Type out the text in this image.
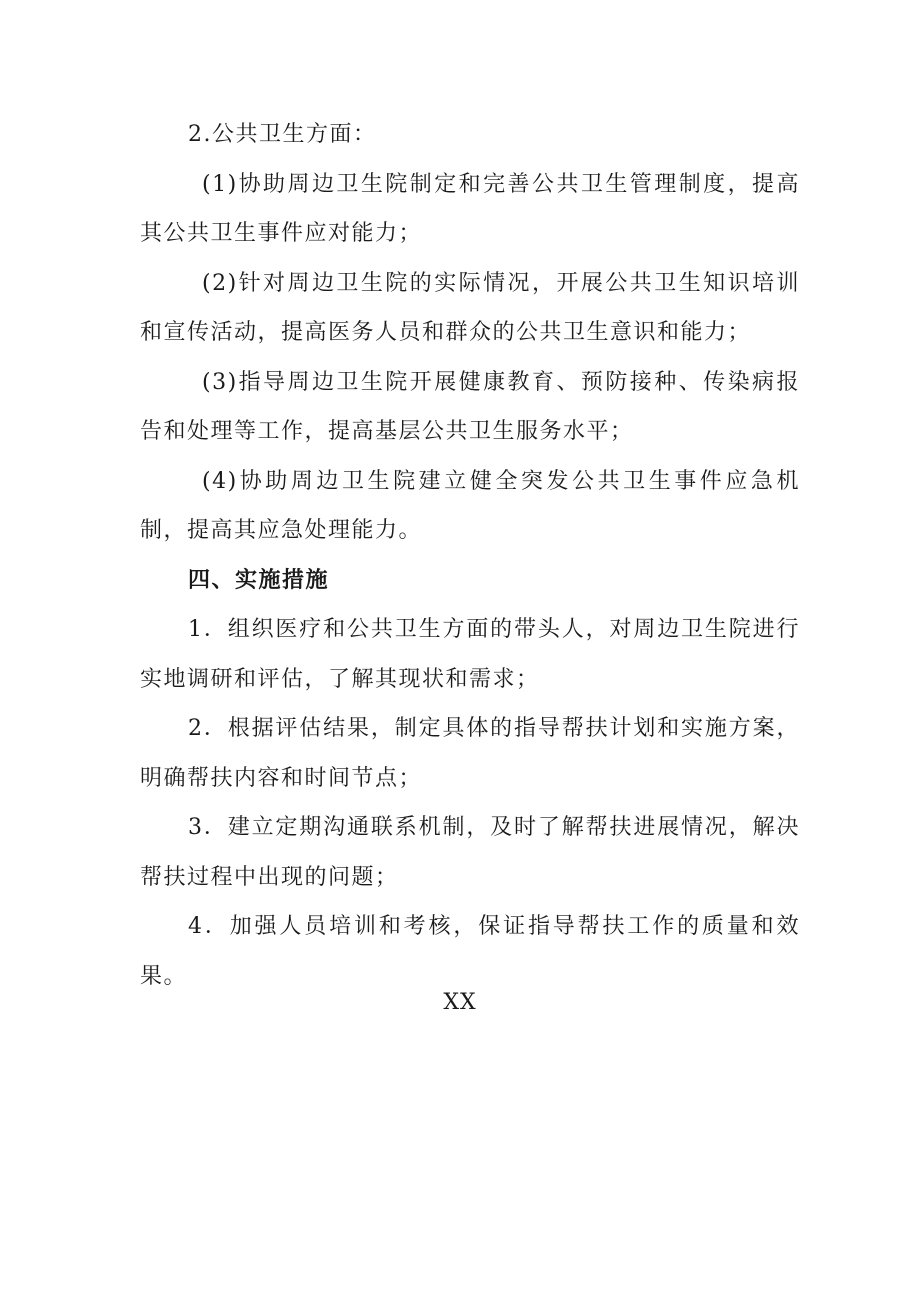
2.公共卫生方面：

(1)协助周边卫生院制定和完善公共卫生管理制度，提高其公共卫生事件应对能力；

(2)针对周边卫生院的实际情况，开展公共卫生知识培训和宣传活动，提高医务人员和群众的公共卫生意识和能力；

(3)指导周边卫生院开展健康教育、预防接种、传染病报告和处理等工作，提高基层公共卫生服务水平；

(4)协助周边卫生院建立健全突发公共卫生事件应急机制，提高其应急处理能力。

四、实施措施

1．组织医疗和公共卫生方面的带头人，对周边卫生院进行实地调研和评估，了解其现状和需求；

2．根据评估结果，制定具体的指导帮扶计划和实施方案，明确帮扶内容和时间节点；

3．建立定期沟通联系机制，及时了解帮扶进展情况，解决帮扶过程中出现的问题；

4．加强人员培训和考核，保证指导帮扶工作的质量和效果。

XX
